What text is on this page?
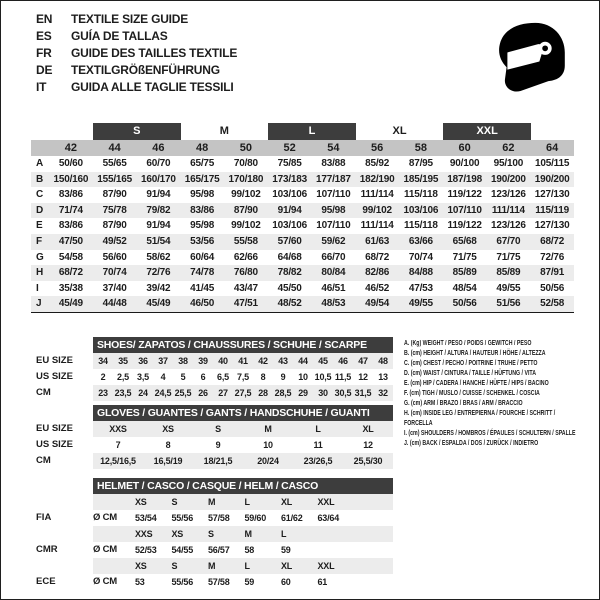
EN	TEXTILE SIZE GUIDE
ES	GUÍA DE TALLAS
FR	GUIDE DES TAILLES TEXTILE
DE	TEXTILGRÖßENFÜHRUNG
IT	GUIDA ALLE TAGLIE TESSILI
S	M	L	XL	XXL
42	44	46	48	50	52	54	56	58	60	62	64
A	50/60	55/65	60/70	65/75	70/80	75/85	83/88	85/92	87/95	90/100	95/100	105/115
B	150/160 155/165 160/170 165/175 170/180 173/183 177/187 182/190 185/195 187/198 190/200 190/200
C	83/86	87/90	91/94	95/98	99/102	103/106 107/110	111/114	115/118 119/122 123/126 127/130
D	71/74	75/78	79/82	83/86	87/90	91/94	95/98	99/102	103/106 107/110	111/114	115/119
E	83/86	87/90	91/94	95/98	99/102	103/106 107/110	111/114	115/118 119/122 123/126 127/130
F	47/50	49/52	51/54	53/56	55/58	57/60	59/62	61/63	63/66	65/68	67/70	68/72
G	54/58	56/60	58/62	60/64	62/66	64/68	66/70	68/72	70/74	71/75	71/75	72/76
H	68/72	70/74	72/76	74/78	76/80	78/82	80/84	82/86	84/88	85/89	85/89	87/91
I	35/38	37/40	39/42	41/45	43/47	45/50	46/51	46/52	47/53	48/54	49/55	50/56
J	45/49	44/48	45/49	46/50	47/51	48/52	48/53	49/54	49/55	50/56	51/56	52/58
SHOES/ ZAPATOS / CHAUSSURES / SCHUHE / SCARPE
EU SIZE	34	35	36	37	38	39	40	41	42	43	44	45	46	47	48
US SIZE	2	2,5 3,5	4	5	6	6,5 7,5	8	9	10 10,5 11,5 12	13
CM	23 23,5 24 24,5 25,5 26	27 27,5 28 28,5 29	30 30,5 31,5 32
GLOVES / GUANTES / GANTS / HANDSCHUHE / GUANTI
EU SIZE	XXS	XS	S	M	L	XL
US SIZE	7	8	9	10	11	12
CM	12,5/16,5	16,5/19	18/21,5	20/24	23/26,5	25,5/30
HELMET / CASCO / CASQUE / HELM / CASCO
XS	S	M	L	XL	XXL
FIA	Ø CM	53/54	55/56	57/58	59/60	61/62	63/64
XXS	XS	S	M	L
CMR	Ø CM	52/53	54/55	56/57	58	59
XS	S	M	L	XL	XXL
ECE	Ø CM	53	55/56	57/58	59	60	61
A. (Kg) WEIGHT / PESO / POIDS / GEWITCH / PESO
B. (cm) HEIGHT / ALTURA / HAUTEUR / HÖHE / ALTEZZA
C. (cm) CHEST / PECHO / POITRINE / TRUHE / PETTO
D. (cm) WAIST / CINTURA / TAILLE / HÜFTUNG / VITA
E. (cm) HIP / CADERA / HANCHE / HÜFTE / HIPS / BACINO
F. (cm) TIGH / MUSLO / CUISSE / SCHENKEL / COSCIA
G. (cm) ARM / BRAZO / BRAS / ARM / BRACCIO
H. (cm) INSIDE LEG / ENTREPIERNA / FOURCHE / SCHRITT / FORCELLA
I. (cm) SHOULDERS / HOMBROS / ÉPAULES / SCHULTERN / SPALLE
J. (cm) BACK / ESPALDA / DOS / ZURÜCK / INDIETRO
